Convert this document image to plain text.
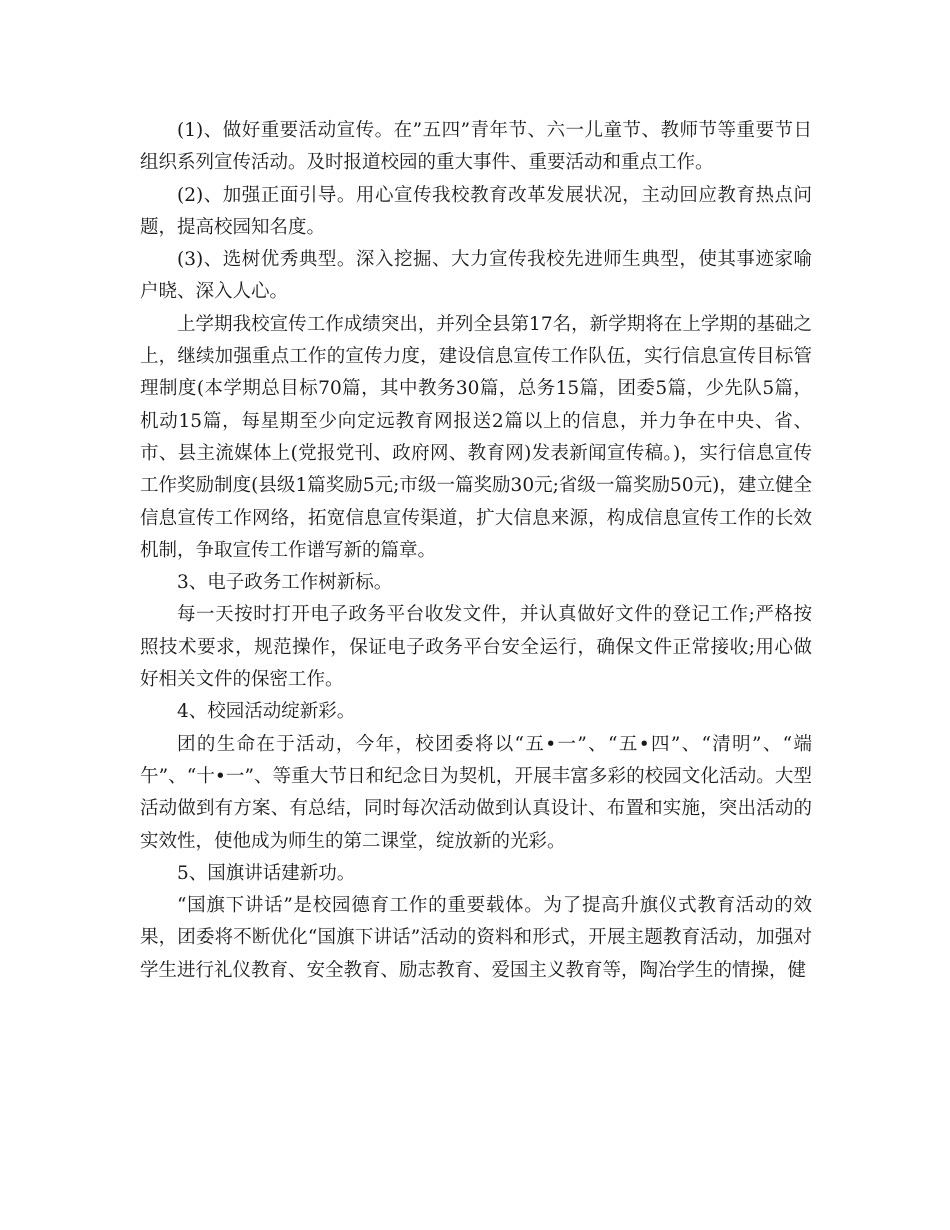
(1)、做好重要活动宣传。在”五四”青年节、六一儿童节、教师节等重要节日组织系列宣传活动。及时报道校园的重大事件、重要活动和重点工作。

(2)、加强正面引导。用心宣传我校教育改革发展状况，主动回应教育热点问题，提高校园知名度。

(3)、选树优秀典型。深入挖掘、大力宣传我校先进师生典型，使其事迹家喻户晓、深入人心。

上学期我校宣传工作成绩突出，并列全县第17名，新学期将在上学期的基础之上，继续加强重点工作的宣传力度，建设信息宣传工作队伍，实行信息宣传目标管理制度(本学期总目标70篇，其中教务30篇，总务15篇，团委5篇，少先队5篇，机动15篇，每星期至少向定远教育网报送2篇以上的信息，并力争在中央、省、市、县主流媒体上(党报党刊、政府网、教育网)发表新闻宣传稿。)，实行信息宣传工作奖励制度(县级1篇奖励5元;市级一篇奖励30元;省级一篇奖励50元)，建立健全信息宣传工作网络，拓宽信息宣传渠道，扩大信息来源，构成信息宣传工作的长效机制，争取宣传工作谱写新的篇章。

3、电子政务工作树新标。

每一天按时打开电子政务平台收发文件，并认真做好文件的登记工作;严格按照技术要求，规范操作，保证电子政务平台安全运行，确保文件正常接收;用心做好相关文件的保密工作。

4、校园活动绽新彩。

团的生命在于活动，今年，校团委将以“五•一”、“五•四”、“清明”、“端午”、“十•一”、等重大节日和纪念日为契机，开展丰富多彩的校园文化活动。大型活动做到有方案、有总结，同时每次活动做到认真设计、布置和实施，突出活动的实效性，使他成为师生的第二课堂，绽放新的光彩。

5、国旗讲话建新功。

“国旗下讲话”是校园德育工作的重要载体。为了提高升旗仪式教育活动的效果，团委将不断优化“国旗下讲话”活动的资料和形式，开展主题教育活动，加强对学生进行礼仪教育、安全教育、励志教育、爱国主义教育等，陶冶学生的情操，健
